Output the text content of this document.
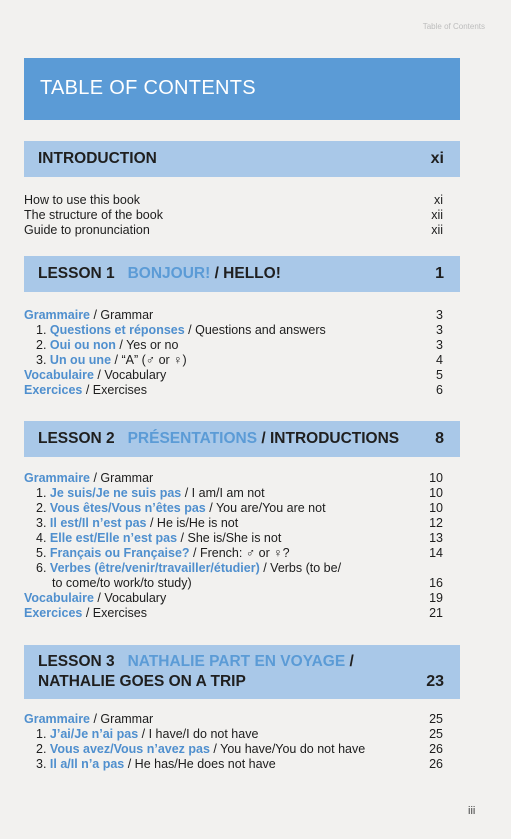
Table of Contents
TABLE OF CONTENTS
INTRODUCTION	xi
How to use this book	xi
The structure of the book	xii
Guide to pronunciation	xii
LESSON 1 BONJOUR! / HELLO!	1
Grammaire / Grammar	3
1. Questions et réponses / Questions and answers	3
2. Oui ou non / Yes or no	3
3. Un ou une / “A” (♂ or ♀)	4
Vocabulaire / Vocabulary	5
Exercices / Exercises	6
LESSON 2 PRÉSENTATIONS / INTRODUCTIONS 8
Grammaire / Grammar	10
1. Je suis/Je ne suis pas / I am/I am not	10
2. Vous êtes/Vous n’êtes pas / You are/You are not	10
3. Il est/Il n’est pas / He is/He is not	12
4. Elle est/Elle n’est pas / She is/She is not	13
5. Français ou Française? / French: ♂ or ♀?	14
6. Verbes (être/venir/travailler/étudier) / Verbs (to be/
to come/to work/to study)	16
Vocabulaire / Vocabulary	19
Exercices / Exercises	21
LESSON 3 NATHALIE PART EN VOYAGE /
NATHALIE GOES ON A TRIP	23
Grammaire / Grammar	25
1. J’ai/Je n’ai pas / I have/I do not have	25
2. Vous avez/Vous n’avez pas / You have/You do not have	26
3. Il a/Il n’a pas / He has/He does not have	26
iii
